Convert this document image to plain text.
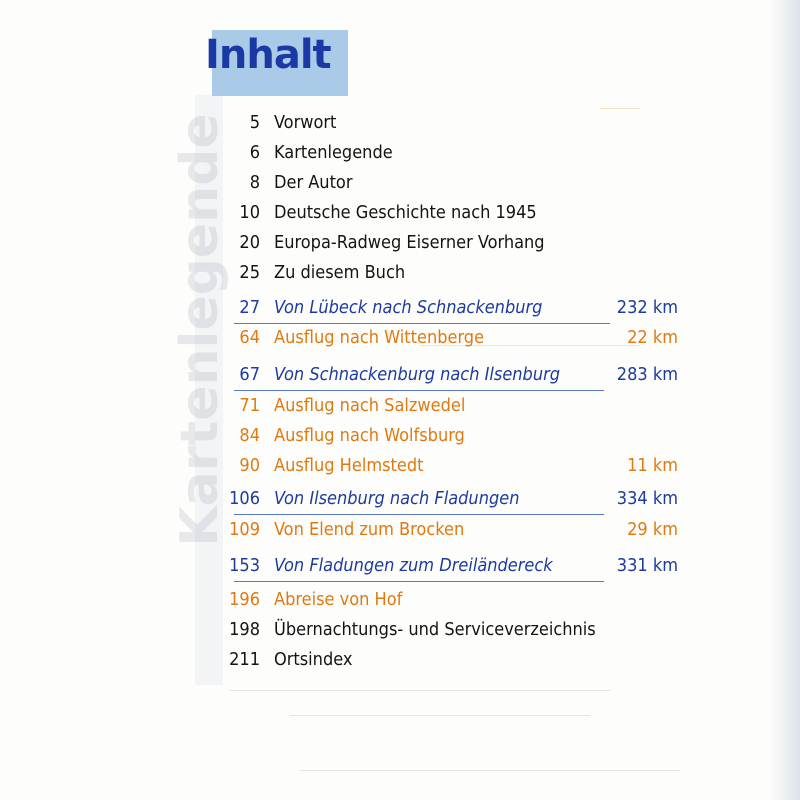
Kartenlegende
Inhalt
5 Vorwort
6 Kartenlegende
8 Der Autor
10 Deutsche Geschichte nach 1945
20 Europa-Radweg Eiserner Vorhang
25 Zu diesem Buch
27 Von Lübeck nach Schnackenburg	232 km
64 Ausflug nach Wittenberge	22 km
67 Von Schnackenburg nach Ilsenburg	283 km
71 Ausflug nach Salzwedel
84 Ausflug nach Wolfsburg
90 Ausflug Helmstedt	11 km
106 Von Ilsenburg nach Fladungen	334 km
109 Von Elend zum Brocken	29 km
153 Von Fladungen zum Dreiländereck	331 km
196 Abreise von Hof
198 Übernachtungs- und Serviceverzeichnis
211 Ortsindex
